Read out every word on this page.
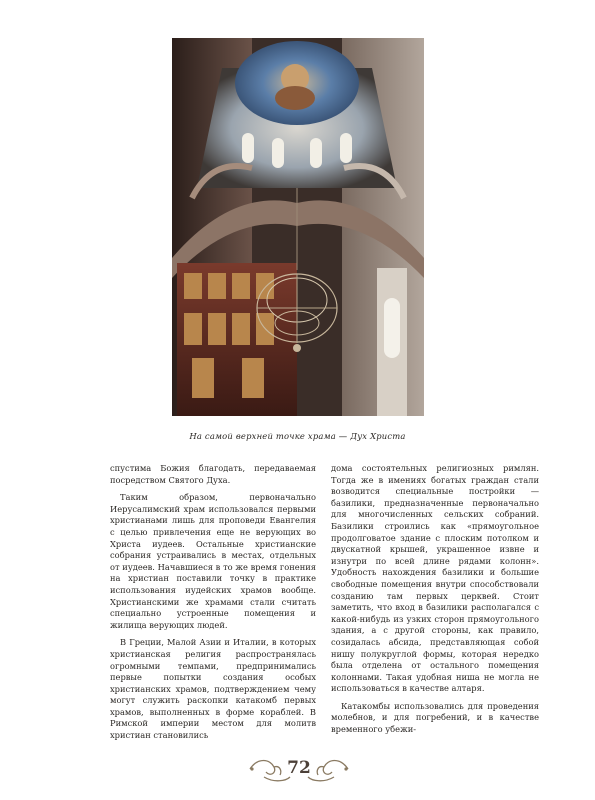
На самой верхней точке храма — Дух Христа

спустима Божия благодать, передаваемая посредством Святого Духа.

Таким образом, первоначально Иерусалимский храм использовался первыми христианами лишь для проповеди Евангелия с целью привлечения еще не верующих во Христа иудеев. Остальные христианские собрания устраивались в местах, отдельных от иудеев. Начавшиеся в то же время гонения на христиан поставили точку в практике использования иудейских храмов вообще. Христианскими же храмами стали считать специально устроенные помещения и жилища верующих людей.

В Греции, Малой Азии и Италии, в которых христианская религия распространялась огромными темпами, предпринимались первые попытки создания особых христианских храмов, подтверждением чему могут служить раскопки катакомб первых храмов, выполненных в форме кораблей. В Римской империи местом для молитв христиан становились

дома состоятельных религиозных римлян. Тогда же в имениях богатых граждан стали возводится специальные постройки — базилики, предназначенные первоначально для многочисленных сельских собраний. Базилики строились как «прямоугольное продолговатое здание с плоским потолком и двускатной крышей, украшенное извне и изнутри по всей длине рядами колонн». Удобность нахождения базилики и большие свободные помещения внутри способствовали созданию там первых церквей. Стоит заметить, что вход в базилики располагался с какой-нибудь из узких сторон прямоугольного здания, а с другой стороны, как правило, созидалась абсида, представляющая собой нишу полукруглой формы, которая нередко была отделена от остального помещения колоннами. Такая удобная ниша не могла не использоваться в качестве алтаря.

Катакомбы использовались для проведения молебнов, и для погребений, и в качестве временного убежи-

72
